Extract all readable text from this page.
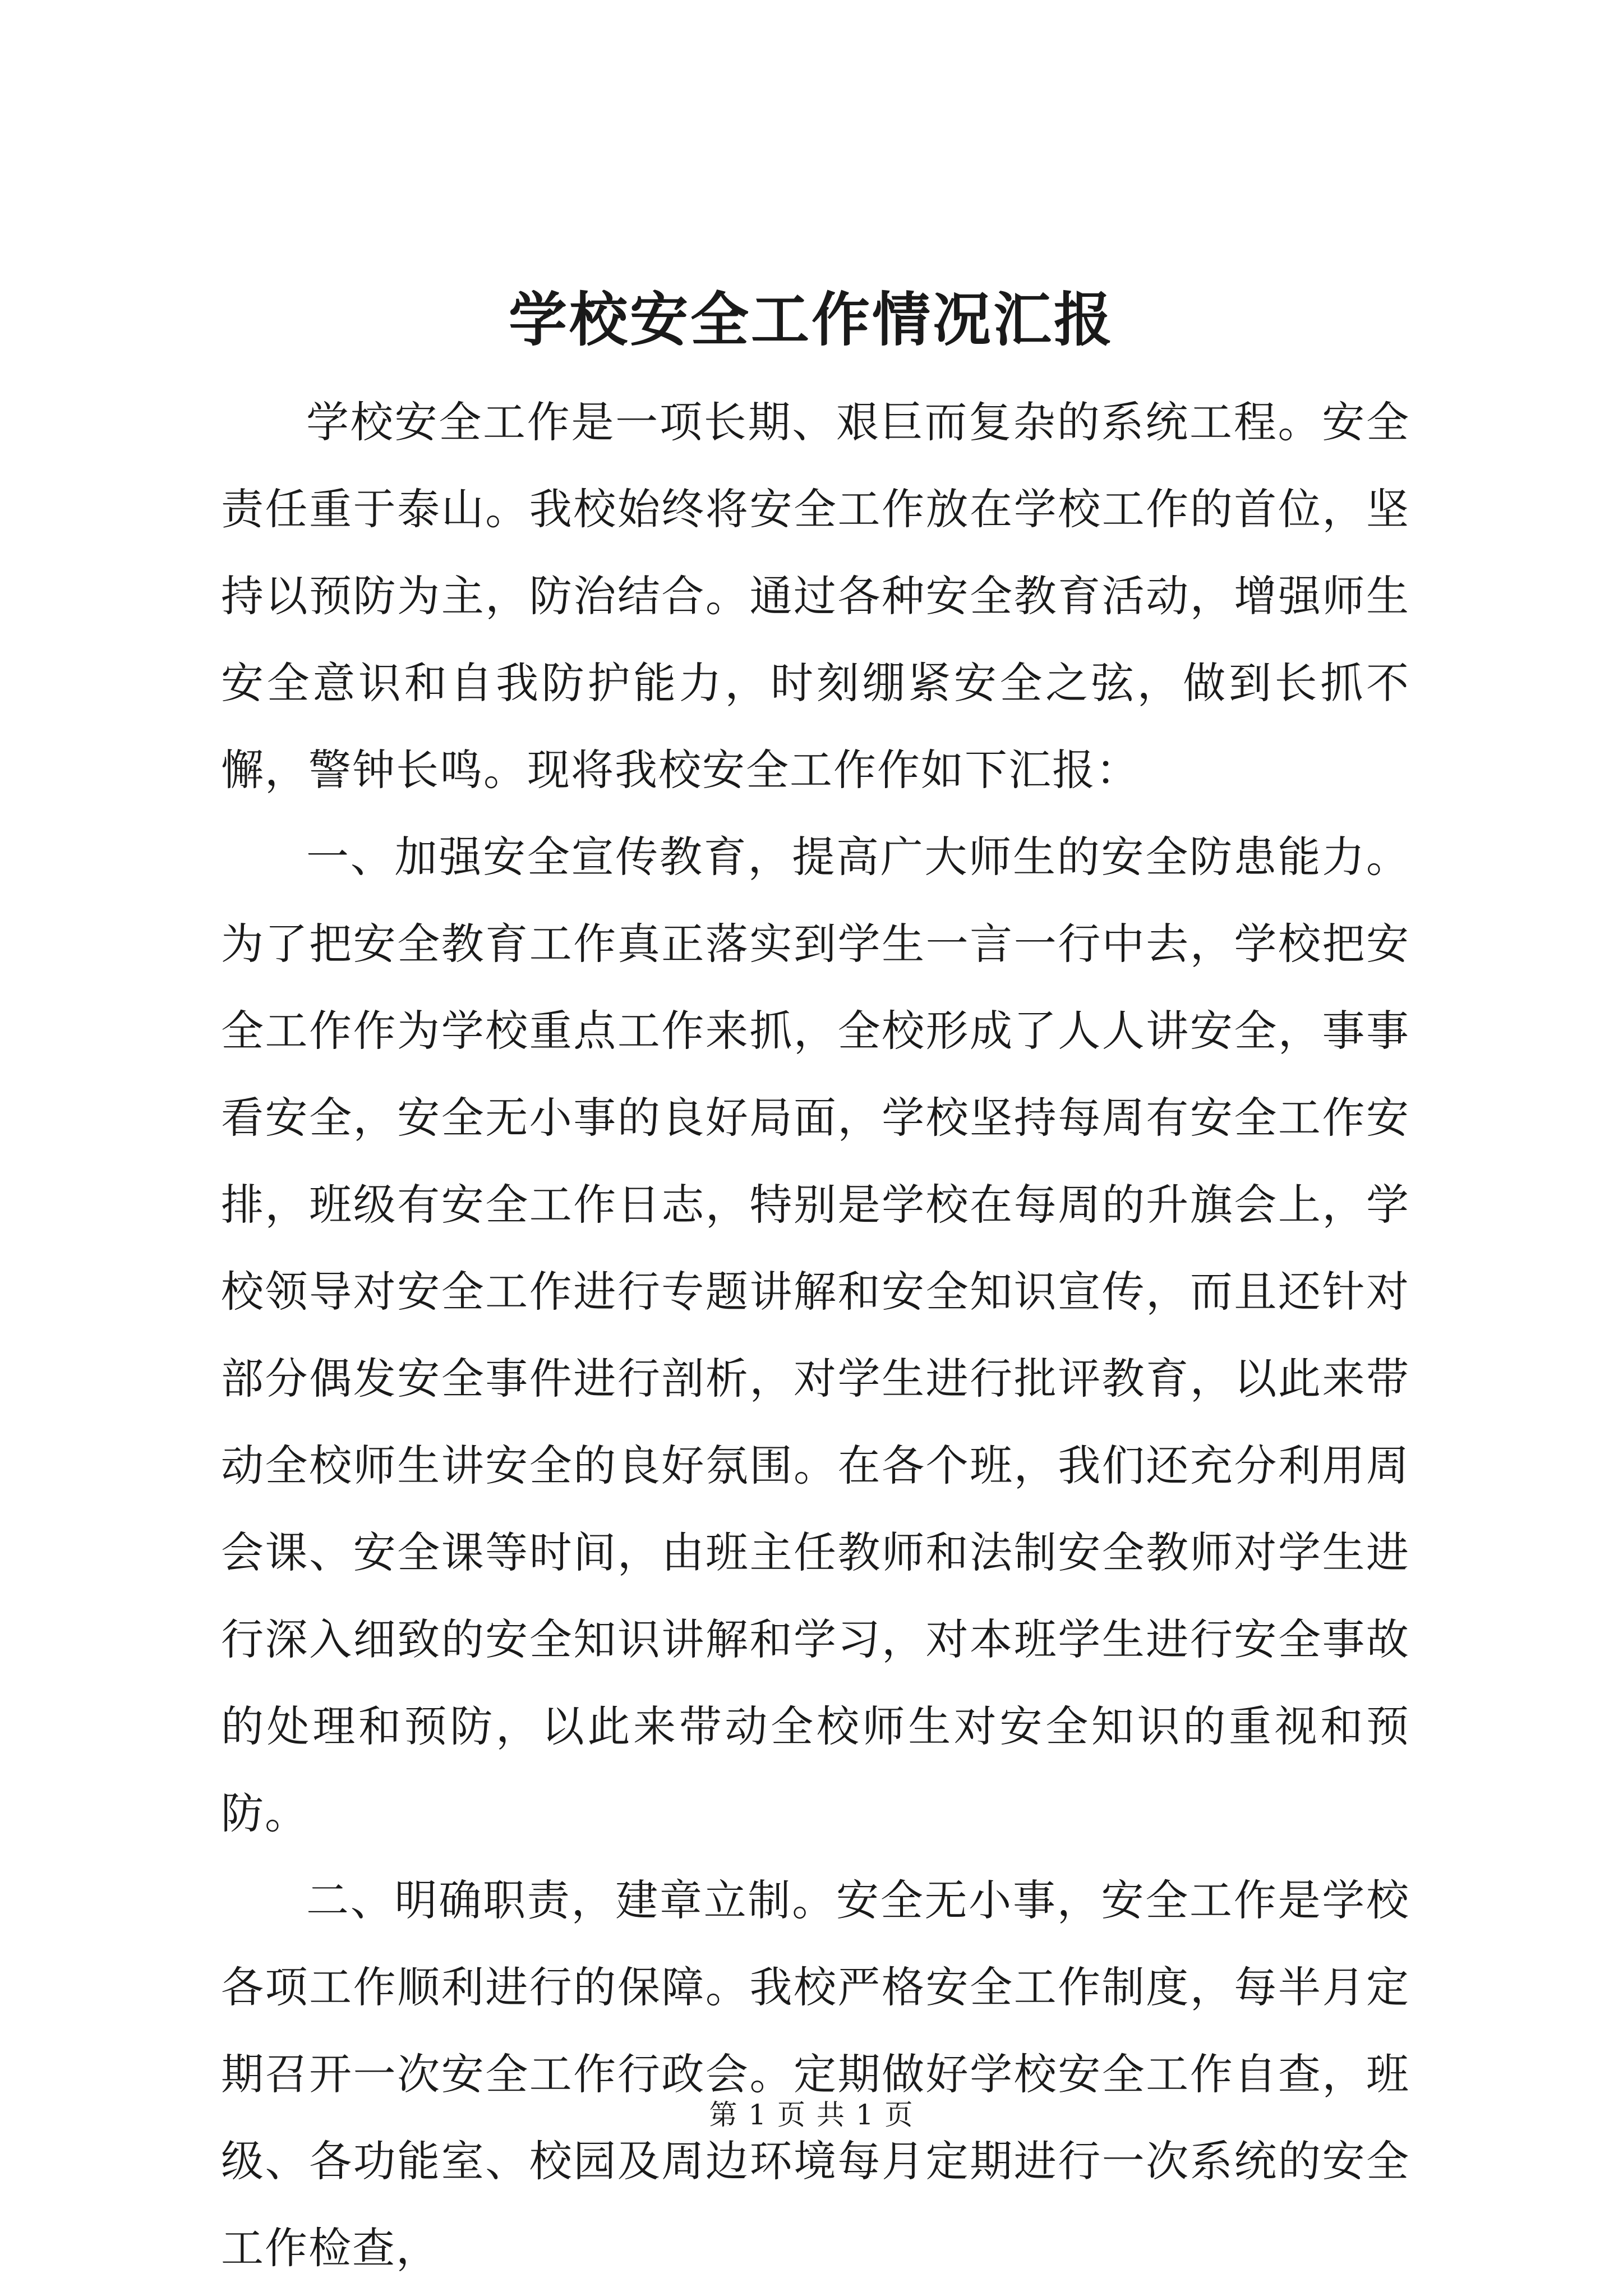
学校安全工作情况汇报

学校安全工作是一项长期、艰巨而复杂的系统工程。安全责任重于泰山。我校始终将安全工作放在学校工作的首位，坚持以预防为主，防治结合。通过各种安全教育活动，增强师生安全意识和自我防护能力，时刻绷紧安全之弦，做到长抓不懈，警钟长鸣。现将我校安全工作作如下汇报：

一、加强安全宣传教育，提高广大师生的安全防患能力。为了把安全教育工作真正落实到学生一言一行中去，学校把安全工作作为学校重点工作来抓，全校形成了人人讲安全，事事看安全，安全无小事的良好局面，学校坚持每周有安全工作安排，班级有安全工作日志，特别是学校在每周的升旗会上，学校领导对安全工作进行专题讲解和安全知识宣传，而且还针对部分偶发安全事件进行剖析，对学生进行批评教育，以此来带动全校师生讲安全的良好氛围。在各个班，我们还充分利用周会课、安全课等时间，由班主任教师和法制安全教师对学生进行深入细致的安全知识讲解和学习，对本班学生进行安全事故的处理和预防，以此来带动全校师生对安全知识的重视和预防。

二、明确职责，建章立制。安全无小事，安全工作是学校各项工作顺利进行的保障。我校严格安全工作制度，每半月定期召开一次安全工作行政会。定期做好学校安全工作自查，班级、各功能室、校园及周边环境每月定期进行一次系统的安全工作检查，

第 1 页 共 1 页
